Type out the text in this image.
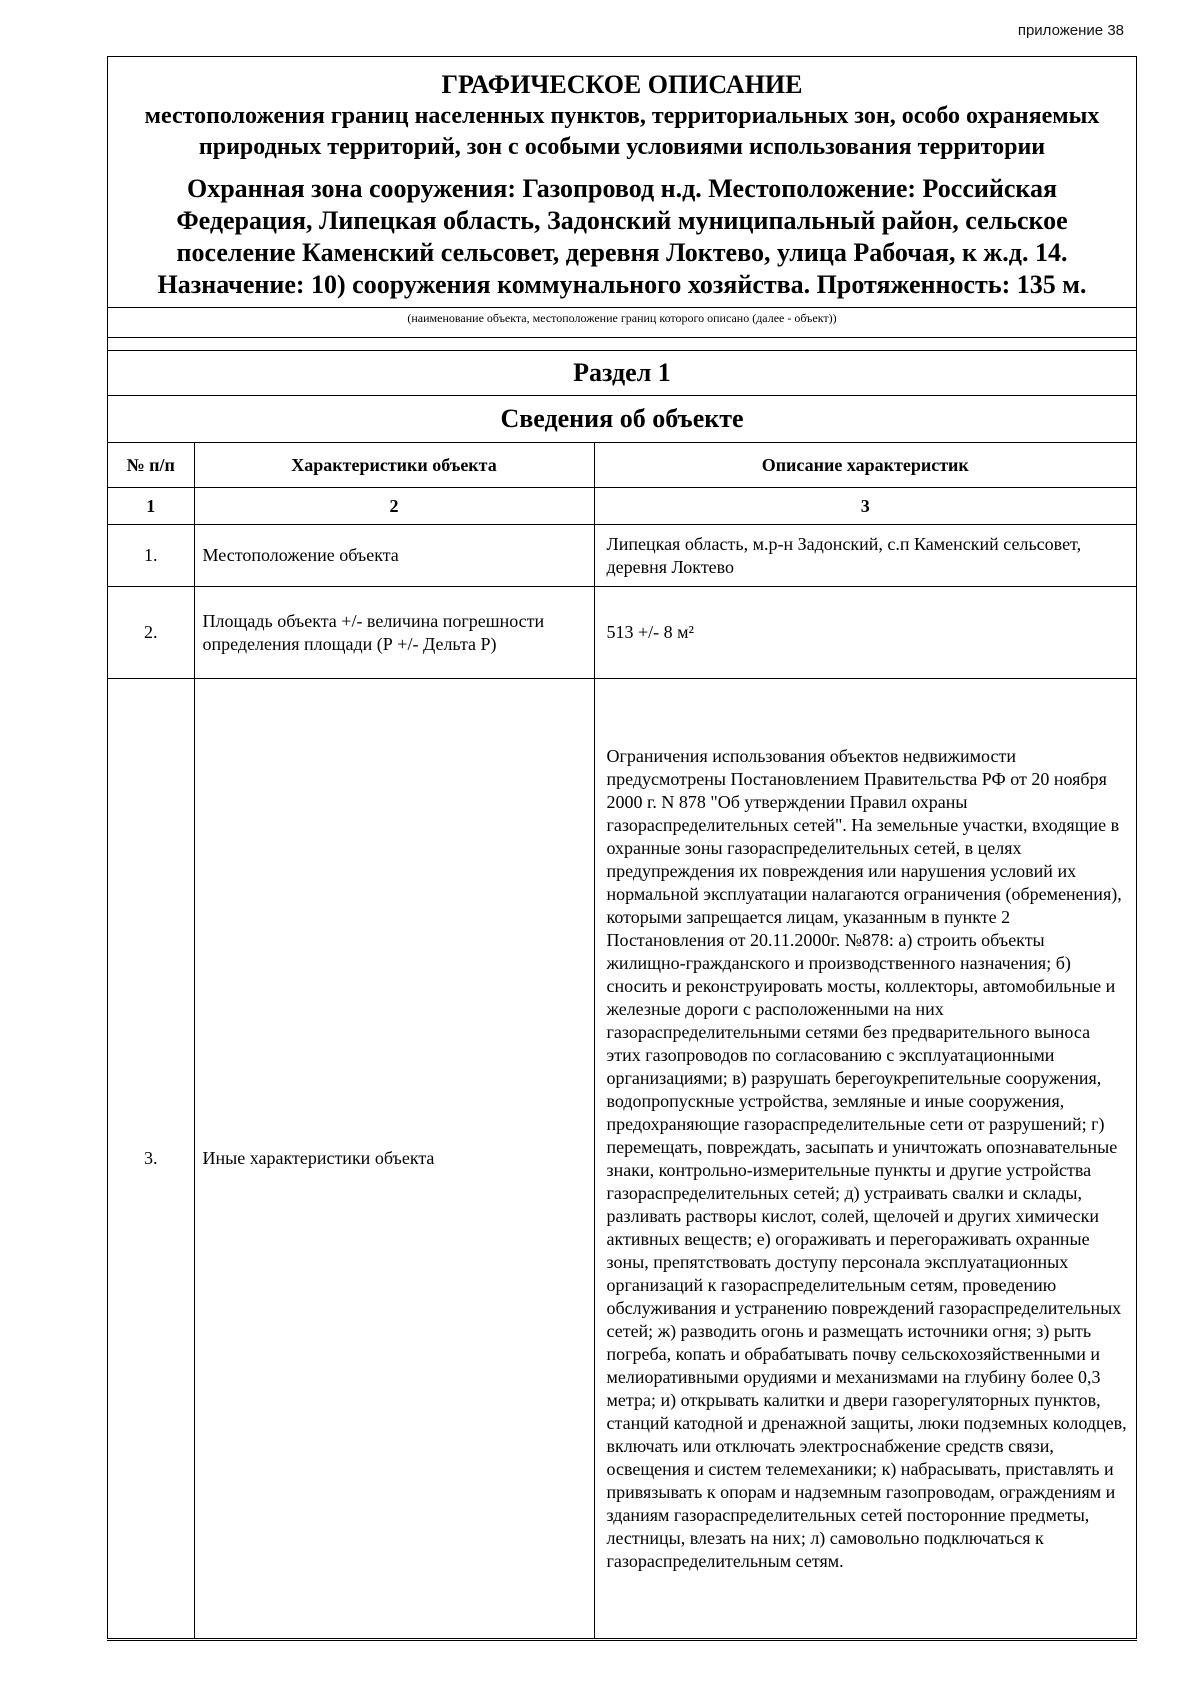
приложение 38
ГРАФИЧЕСКОЕ ОПИСАНИЕ
местоположения границ населенных пунктов, территориальных зон, особо охраняемых природных территорий, зон с особыми условиями использования территории
Охранная зона сооружения: Газопровод н.д. Местоположение: Российская Федерация, Липецкая область, Задонский муниципальный район, сельское поселение Каменский сельсовет, деревня Локтево, улица Рабочая, к ж.д. 14. Назначение: 10) сооружения коммунального хозяйства. Протяженность: 135 м.
(наименование объекта, местоположение границ которого описано (далее - объект))
Раздел 1
Сведения об объекте
№ п/п	Характеристики объекта	Описание характеристик
1	2	3
1.	Местоположение объекта	Липецкая область, м.р-н Задонский, с.п Каменский сельсовет, деревня Локтево
2.	Площадь объекта +/- величина погрешности определения площади (Р +/- Дельта Р)	513 +/- 8 м²
3.	Иные характеристики объекта	Ограничения использования объектов недвижимости предусмотрены Постановлением Правительства РФ от 20 ноября 2000 г. N 878 "Об утверждении Правил охраны газораспределительных сетей". На земельные участки, входящие в охранные зоны газораспределительных сетей, в целях предупреждения их повреждения или нарушения условий их нормальной эксплуатации налагаются ограничения (обременения), которыми запрещается лицам, указанным в пункте 2 Постановления от 20.11.2000г. №878: а) строить объекты жилищно-гражданского и производственного назначения; б) сносить и реконструировать мосты, коллекторы, автомобильные и железные дороги с расположенными на них газораспределительными сетями без предварительного выноса этих газопроводов по согласованию с эксплуатационными организациями; в) разрушать берегоукрепительные сооружения, водопропускные устройства, земляные и иные сооружения, предохраняющие газораспределительные сети от разрушений; г) перемещать, повреждать, засыпать и уничтожать опознавательные знаки, контрольно-измерительные пункты и другие устройства газораспределительных сетей; д) устраивать свалки и склады, разливать растворы кислот, солей, щелочей и других химически активных веществ; е) огораживать и перегораживать охранные зоны, препятствовать доступу персонала эксплуатационных организаций к газораспределительным сетям, проведению обслуживания и устранению повреждений газораспределительных сетей; ж) разводить огонь и размещать источники огня; з) рыть погреба, копать и обрабатывать почву сельскохозяйственными и мелиоративными орудиями и механизмами на глубину более 0,3 метра; и) открывать калитки и двери газорегуляторных пунктов, станций катодной и дренажной защиты, люки подземных колодцев, включать или отключать электроснабжение средств связи, освещения и систем телемеханики; к) набрасывать, приставлять и привязывать к опорам и надземным газопроводам, ограждениям и зданиям газораспределительных сетей посторонние предметы, лестницы, влезать на них; л) самовольно подключаться к газораспределительным сетям.
